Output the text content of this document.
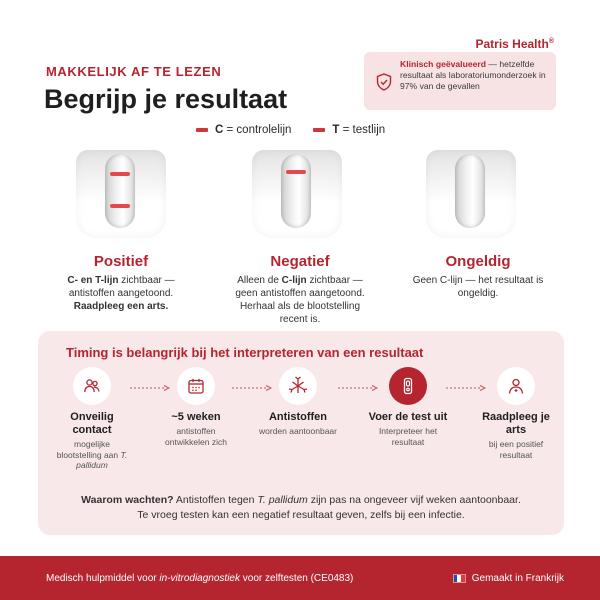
Patris Health®
MAKKELIJK AF TE LEZEN
Begrijp je resultaat
Klinisch geëvalueerd — hetzelfde resultaat als laboratoriumonderzoek in 97% van de gevallen
C = controlelijn	T = testlijn
Positief
C- en T-lijn zichtbaar — antistoffen aangetoond. Raadpleeg een arts.
Negatief
Alleen de C-lijn zichtbaar — geen antistoffen aangetoond. Herhaal als de blootstelling recent is.
Ongeldig
Geen C-lijn — het resultaat is ongeldig.
Timing is belangrijk bij het interpreteren van een resultaat
Onveilig contact
mogelijke blootstelling aan T. pallidum
~5 weken
antistoffen ontwikkelen zich
Antistoffen
worden aantoonbaar
Voer de test uit
Interpreteer het resultaat
Raadpleeg je arts
bij een positief resultaat
Waarom wachten? Antistoffen tegen T. pallidum zijn pas na ongeveer vijf weken aantoonbaar. Te vroeg testen kan een negatief resultaat geven, zelfs bij een infectie.
Medisch hulpmiddel voor in-vitrodiagnostiek voor zelftesten (CE0483)	Gemaakt in Frankrijk
